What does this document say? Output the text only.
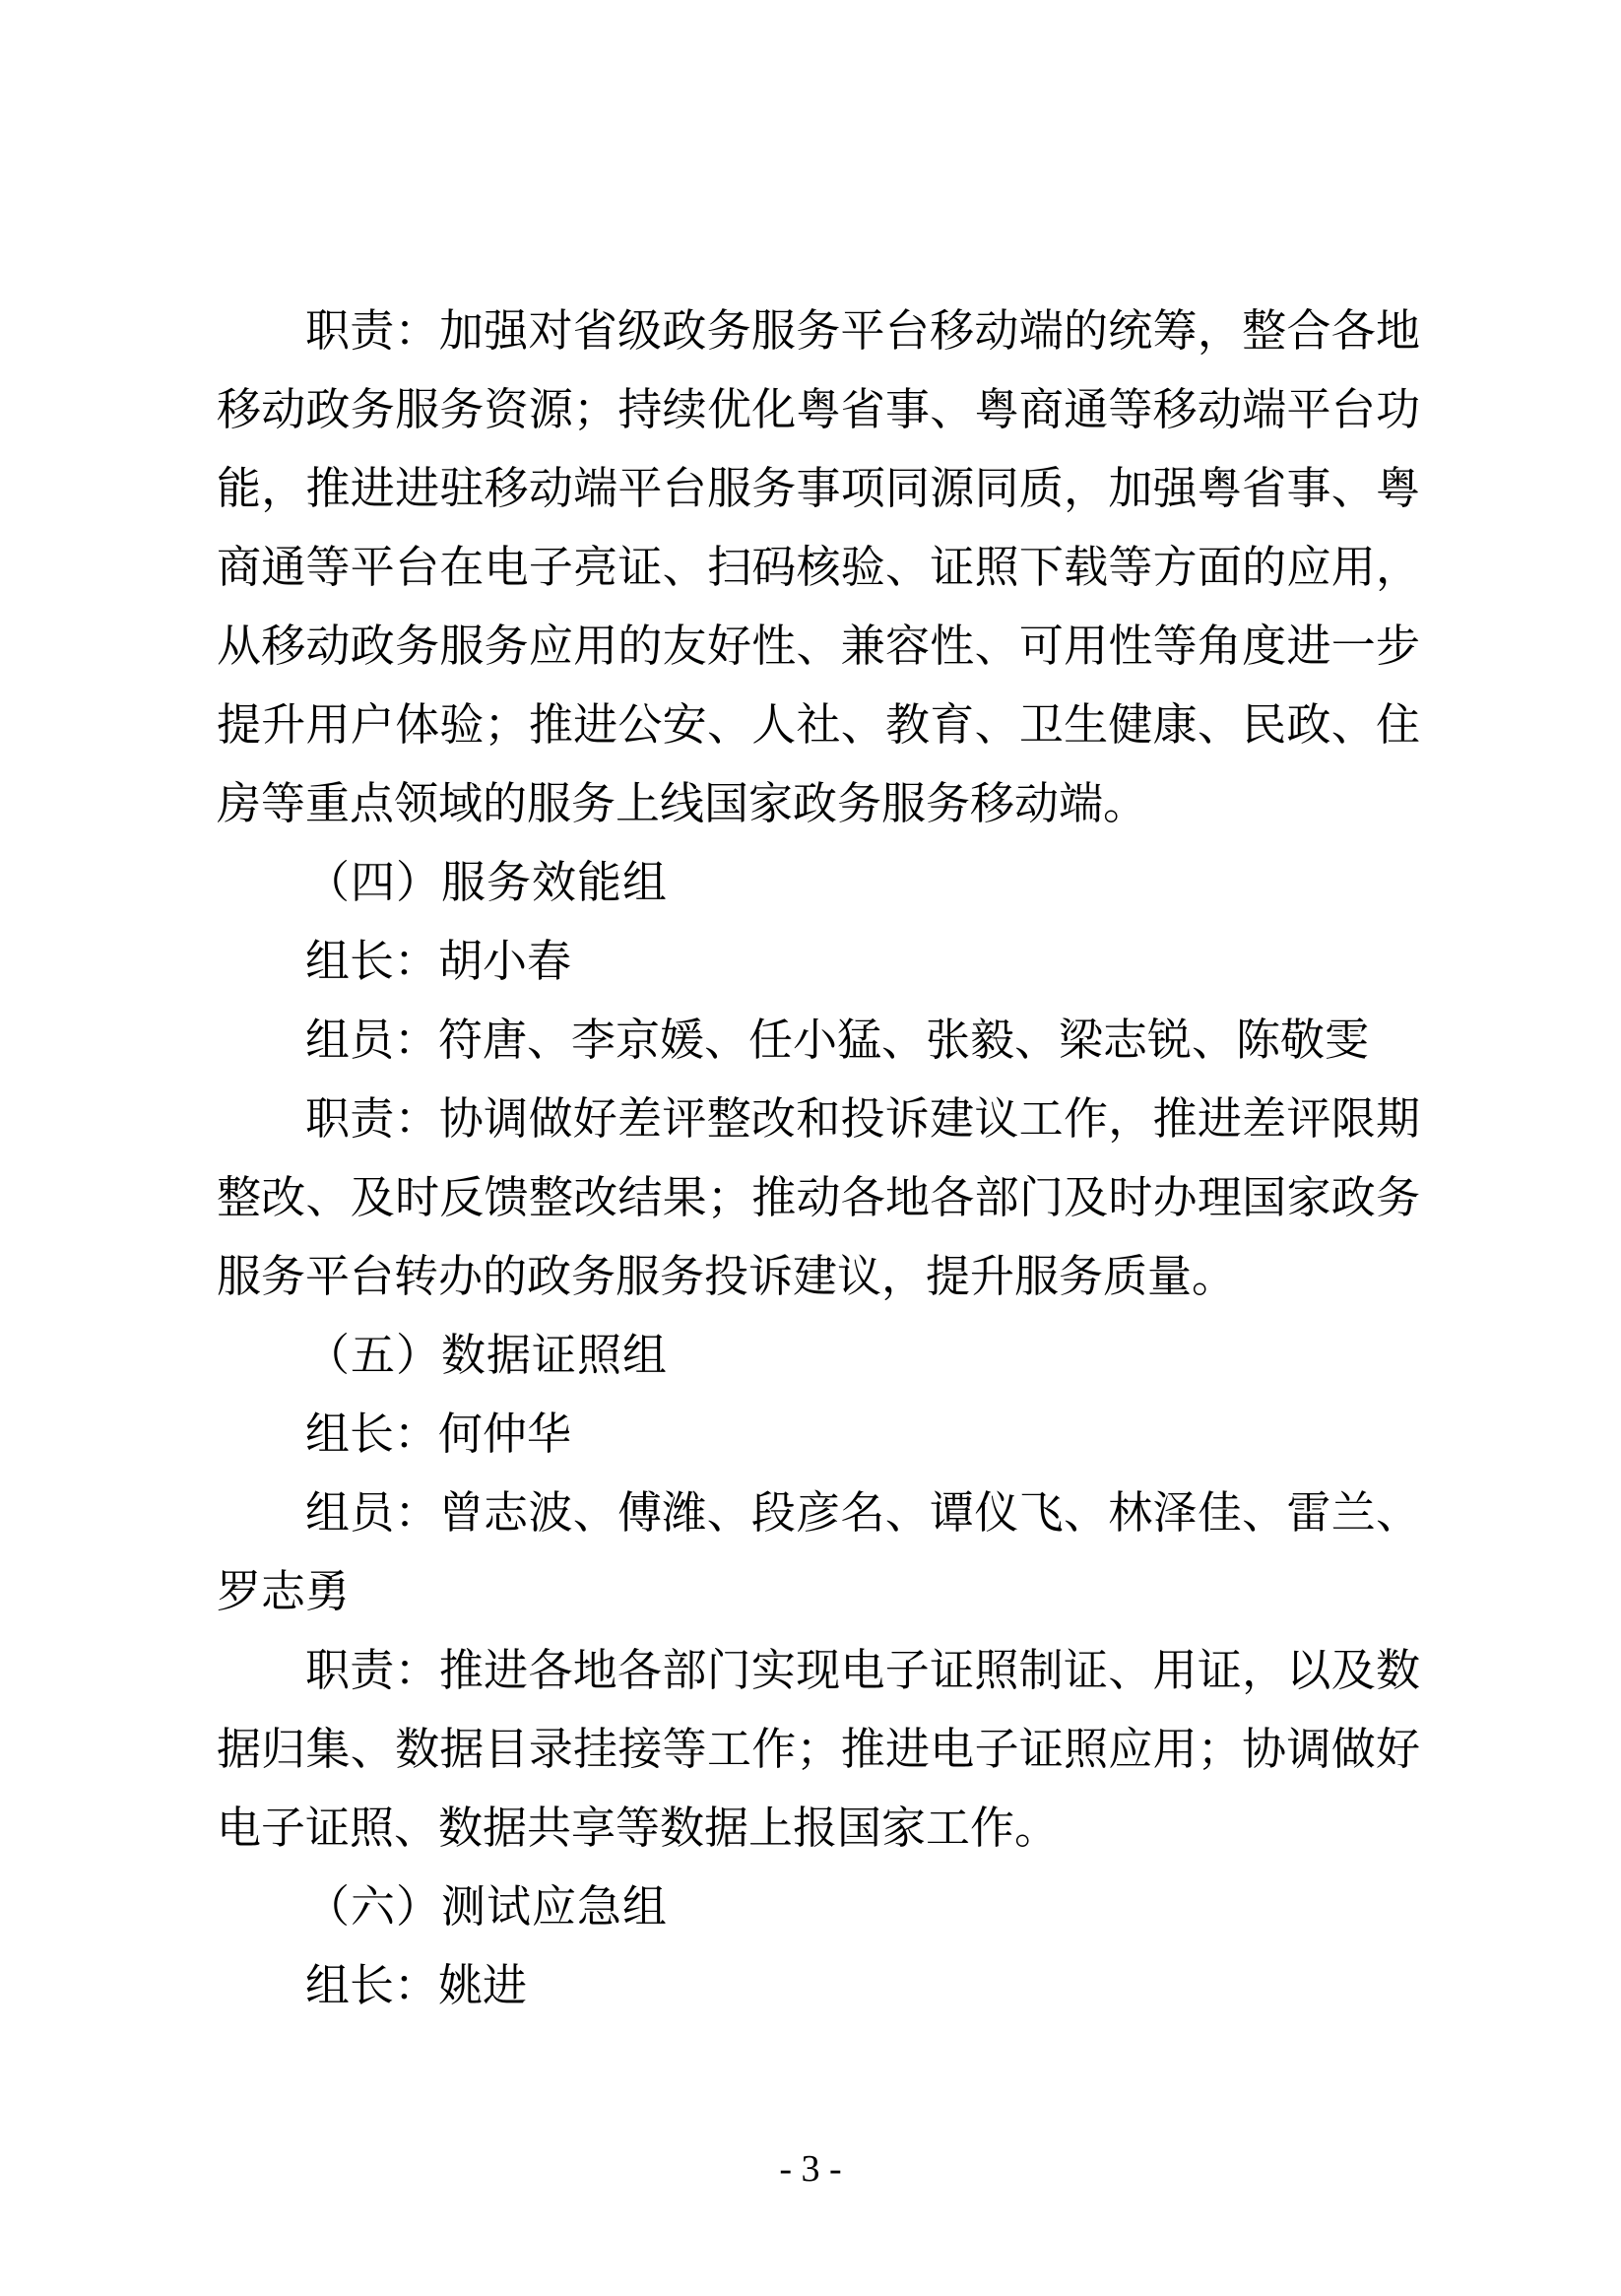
职责：加强对省级政务服务平台移动端的统筹，整合各地
移动政务服务资源；持续优化粤省事、粤商通等移动端平台功
能，推进进驻移动端平台服务事项同源同质，加强粤省事、粤
商通等平台在电子亮证、扫码核验、证照下载等方面的应用，
从移动政务服务应用的友好性、兼容性、可用性等角度进一步
提升用户体验；推进公安、人社、教育、卫生健康、民政、住
房等重点领域的服务上线国家政务服务移动端。
（四）服务效能组
组长：胡小春
组员：符唐、李京媛、任小猛、张毅、梁志锐、陈敬雯
职责：协调做好差评整改和投诉建议工作，推进差评限期
整改、及时反馈整改结果；推动各地各部门及时办理国家政务
服务平台转办的政务服务投诉建议，提升服务质量。
（五）数据证照组
组长：何仲华
组员：曾志波、傅潍、段彦名、谭仪飞、林泽佳、雷兰、
罗志勇
职责：推进各地各部门实现电子证照制证、用证，以及数
据归集、数据目录挂接等工作；推进电子证照应用；协调做好
电子证照、数据共享等数据上报国家工作。
（六）测试应急组
组长：姚进
- 3 -
